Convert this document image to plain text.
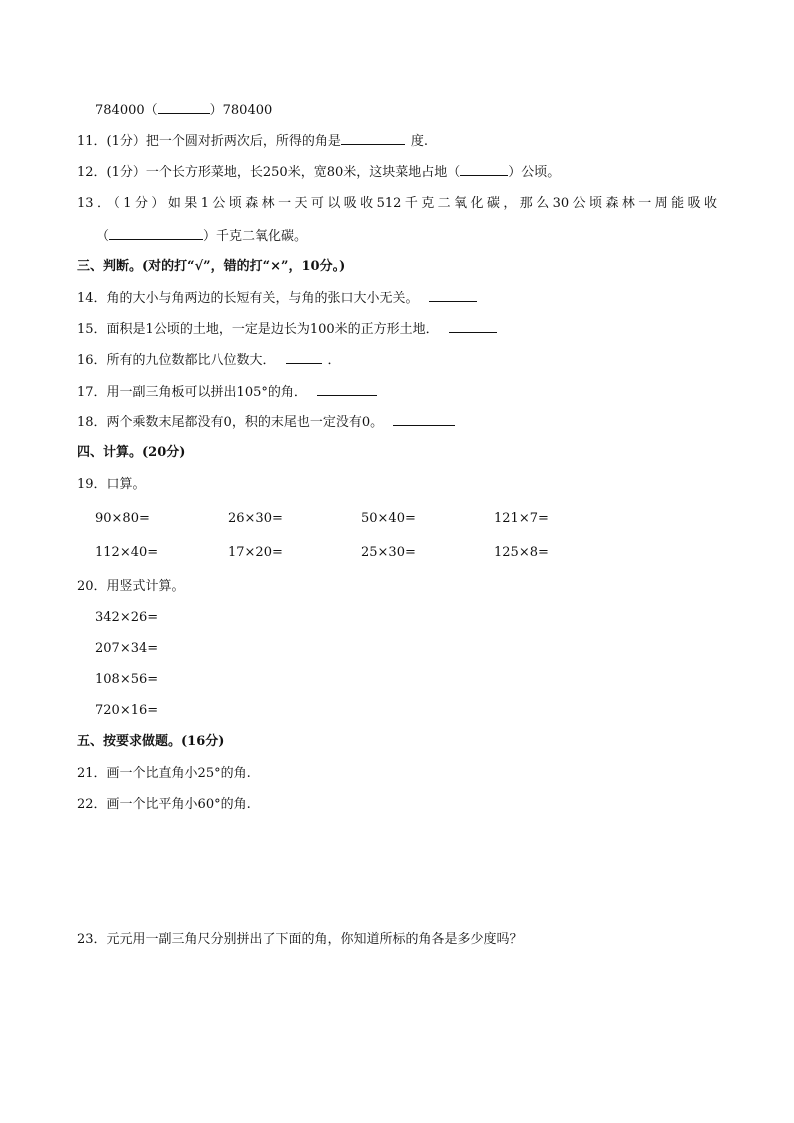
784000（	）780400
11．(1分）把一个圆对折两次后，所得的角是	度.
12．(1分）一个长方形菜地，长250米，宽80米，这块菜地占地（	）公顷。
13．（1分）如果1公顷森林一天可以吸收512千克二氧化碳，那么30公顷森林一周能吸收
（	）千克二氧化碳。
三、判断。(对的打“√”，错的打“×”，10分。)
14．角的大小与角两边的长短有关，与角的张口大小无关。
15．面积是1公顷的土地，一定是边长为100米的正方形土地．
16．所有的九位数都比八位数大．	．
17．用一副三角板可以拼出105°的角．
18．两个乘数末尾都没有0，积的末尾也一定没有0。
四、计算。(20分)
19．口算。
90×80=	26×30=	50×40=	121×7=
112×40=	17×20=	25×30=	125×8=
20．用竖式计算。
342×26=
207×34=
108×56=
720×16=
五、按要求做题。(16分)
21．画一个比直角小25°的角.
22．画一个比平角小60°的角.
23．元元用一副三角尺分别拼出了下面的角，你知道所标的角各是多少度吗？
